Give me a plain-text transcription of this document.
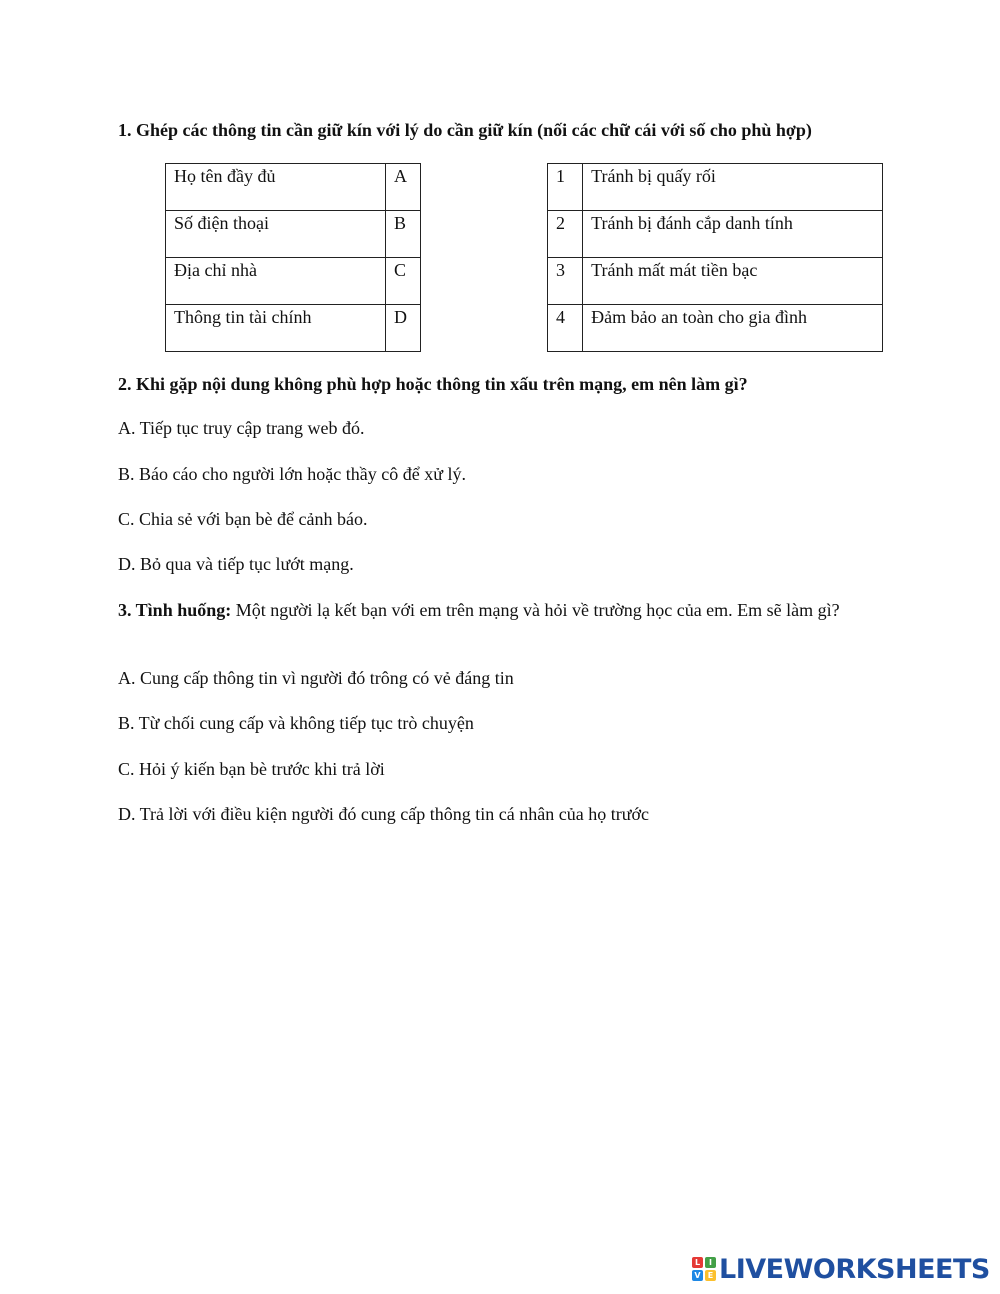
1. Ghép các thông tin cần giữ kín với lý do cần giữ kín (nối các chữ cái với số cho phù hợp)
Họ tên đầy đủ	A
Số điện thoại	B
Địa chỉ nhà	C
Thông tin tài chính	D
1	Tránh bị quấy rối
2	Tránh bị đánh cắp danh tính
3	Tránh mất mát tiền bạc
4	Đảm bảo an toàn cho gia đình
2. Khi gặp nội dung không phù hợp hoặc thông tin xấu trên mạng, em nên làm gì?
A. Tiếp tục truy cập trang web đó.
B. Báo cáo cho người lớn hoặc thầy cô để xử lý.
C. Chia sẻ với bạn bè để cảnh báo.
D. Bỏ qua và tiếp tục lướt mạng.
3. Tình huống: Một người lạ kết bạn với em trên mạng và hỏi về trường học của em. Em sẽ làm gì?
A. Cung cấp thông tin vì người đó trông có vẻ đáng tin
B. Từ chối cung cấp và không tiếp tục trò chuyện
C. Hỏi ý kiến bạn bè trước khi trả lời
D. Trả lời với điều kiện người đó cung cấp thông tin cá nhân của họ trước
L	I
V E LIVEWORKSHEETS
